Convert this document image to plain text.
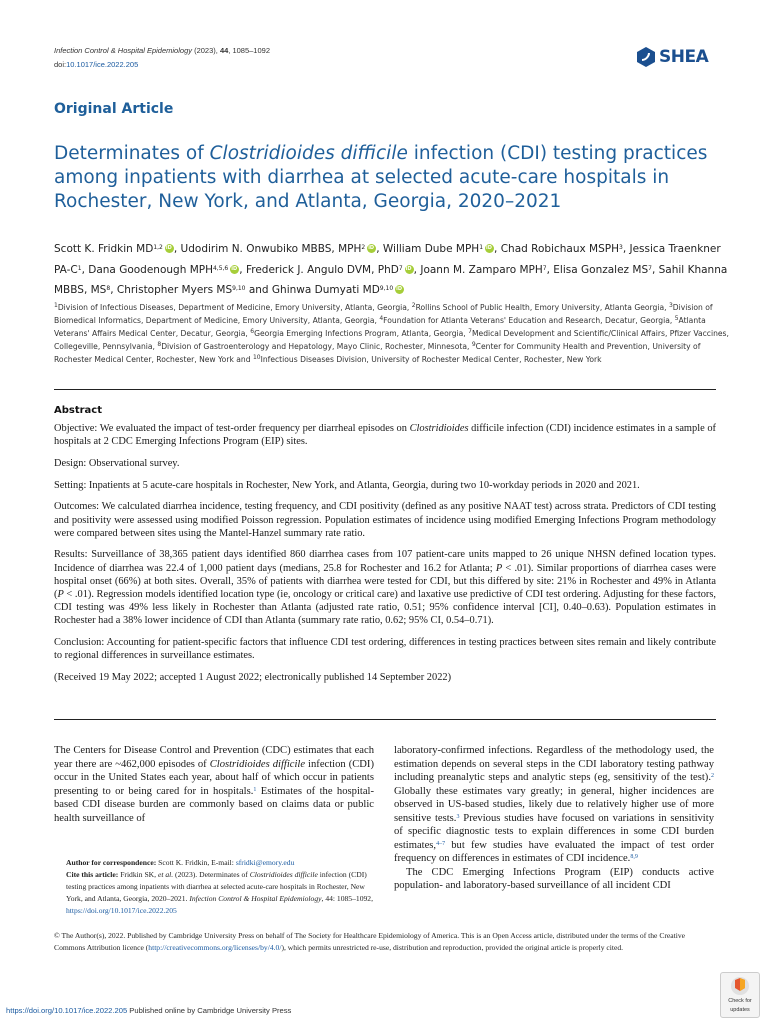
Infection Control & Hospital Epidemiology (2023), 44, 1085–1092
doi:10.1017/ice.2022.205	SHEA
Original Article
Determinates of Clostridioides difficile infection (CDI) testing practices among inpatients with diarrhea at selected acute-care hospitals in Rochester, New York, and Atlanta, Georgia, 2020–2021
Scott K. Fridkin MD$^{1,2}$ iD , Udodirim N. Onwubiko MBBS, MPH$^2$ iD , William Dube MPH$^1$ iD , Chad Robichaux MSPH$^3$, Jessica Traenkner $PA-C^1$, Dana Goodenough MPH$^{4,5,6}$ iD , Frederick J. Angulo DVM, PhD$^7$ iD , Joann M. Zamparo MPH$^7$, Elisa Gonzalez $MS^7$, Sahil Khanna MBBS, $MS^8$, Christopher Myers MS$^{9,10}$ and Ghinwa Dumyati MD$^{9,10}$iD
$^1$Division of Infectious Diseases, Department of Medicine, Emory University, Atlanta, Georgia, $^2$Rollins School of Public Health, Emory University, Atlanta Georgia, $^3$Division of Biomedical Informatics, Department of Medicine, Emory University, Atlanta, Georgia, $^4$Foundation for Atlanta Veterans' Education and Research, Decatur, Georgia, $^5$Atlanta Veterans' Affairs Medical Center, Decatur, Georgia, $^6$Georgia Emerging Infections Program, Atlanta, Georgia, $^7$Medical Development and Scientific/Clinical Affairs, Pfizer Vaccines, Collegeville, Pennsylvania, $^8$Division of Gastroenterology and Hepatology, Mayo Clinic, Rochester, Minnesota, $^9$Center for Community Health and Prevention, University of Rochester Medical Center, Rochester, New York and $^{10}$Infectious Diseases Division, University of Rochester Medical Center, Rochester, New York
Abstract

Objective: We evaluated the impact of test-order frequency per diarrheal episodes on Clostridioides difficile infection (CDI) incidence estimates in a sample of hospitals at 2 CDC Emerging Infections Program (EIP) sites.

Design: Observational survey.

Setting: Inpatients at 5 acute-care hospitals in Rochester, New York, and Atlanta, Georgia, during two 10-workday periods in 2020 and 2021.

Outcomes: We calculated diarrhea incidence, testing frequency, and CDI positivity (defined as any positive NAAT test) across strata. Predictors of CDI testing and positivity were assessed using modified Poisson regression. Population estimates of incidence using modified Emerging Infections Program methodology were compared between sites using the Mantel-Hanzel summary rate ratio.

Results: Surveillance of 38,365 patient days identified 860 diarrhea cases from 107 patient-care units mapped to 26 unique NHSN defined location types. Incidence of diarrhea was 22.4 of 1,000 patient days (medians, 25.8 for Rochester and 16.2 for Atlanta; P < .01). Similar proportions of diarrhea cases were hospital onset (66%) at both sites. Overall, 35% of patients with diarrhea were tested for CDI, but this differed by site: 21% in Rochester and 49% in Atlanta (P < .01). Regression models identified location type (ie, oncology or critical care) and laxative use predictive of CDI test ordering. Adjusting for these factors, CDI testing was 49% less likely in Rochester than Atlanta (adjusted rate ratio, 0.51; 95% confidence interval [CI], 0.40–0.63). Population estimates in Rochester had a 38% lower incidence of CDI than Atlanta (summary rate ratio, 0.62; 95% CI, 0.54–0.71).

Conclusion: Accounting for patient-specific factors that influence CDI test ordering, differences in testing practices between sites remain and likely contribute to regional differences in surveillance estimates.

(Received 19 May 2022; accepted 1 August 2022; electronically published 14 September 2022)

The Centers for Disease Control and Prevention (CDC) estimates that each year there are ~462,000 episodes of Clostridioides difficile infection (CDI) occur in the United States each year, about half of which occur in patients presenting to or being cared for in hospitals.$^1$ Estimates of the hospital-based CDI disease burden are commonly based on claims data or public health surveillance of

laboratory-confirmed infections. Regardless of the methodology used, the estimation depends on several steps in the CDI laboratory testing pathway including preanalytic steps and analytic steps (eg, sensitivity of the test).$^2$ Globally these estimates vary greatly; in general, higher incidences are observed in US-based studies, likely due to relatively higher use of more sensitive tests.$^3$ Previous studies have focused on variations in sensitivity of specific diagnostic tests to explain differences in some CDI burden estimates,$^{4-7}$ but few studies have evaluated the impact of test order frequency on differences in estimates of CDI incidence.$^{8,9}$

The CDC Emerging Infections Program (EIP) conducts active population- and laboratory-based surveillance of all incident CDI

Author for correspondence: Scott K. Fridkin, E-mail: sfridki@emory.edu

Cite this article: Fridkin SK, et al. (2023). Determinates of Clostridioides difficile infection (CDI) testing practices among inpatients with diarrhea at selected acute-care hospitals in Rochester, New York, and Atlanta, Georgia, 2020–2021. Infection Control & Hospital Epidemiology, 44: 1085–1092, https://doi.org/10.1017/ice.2022.205

© The Author(s), 2022. Published by Cambridge University Press on behalf of The Society for Healthcare Epidemiology of America. This is an Open Access article, distributed under the terms of the Creative Commons Attribution licence (http://creativecommons.org/licenses/by/4.0/), which permits unrestricted re-use, distribution and reproduction, provided the original article is properly cited.
https://doi.org/10.1017/ice.2022.205 Published online by Cambridge University Press
Check for
updates
